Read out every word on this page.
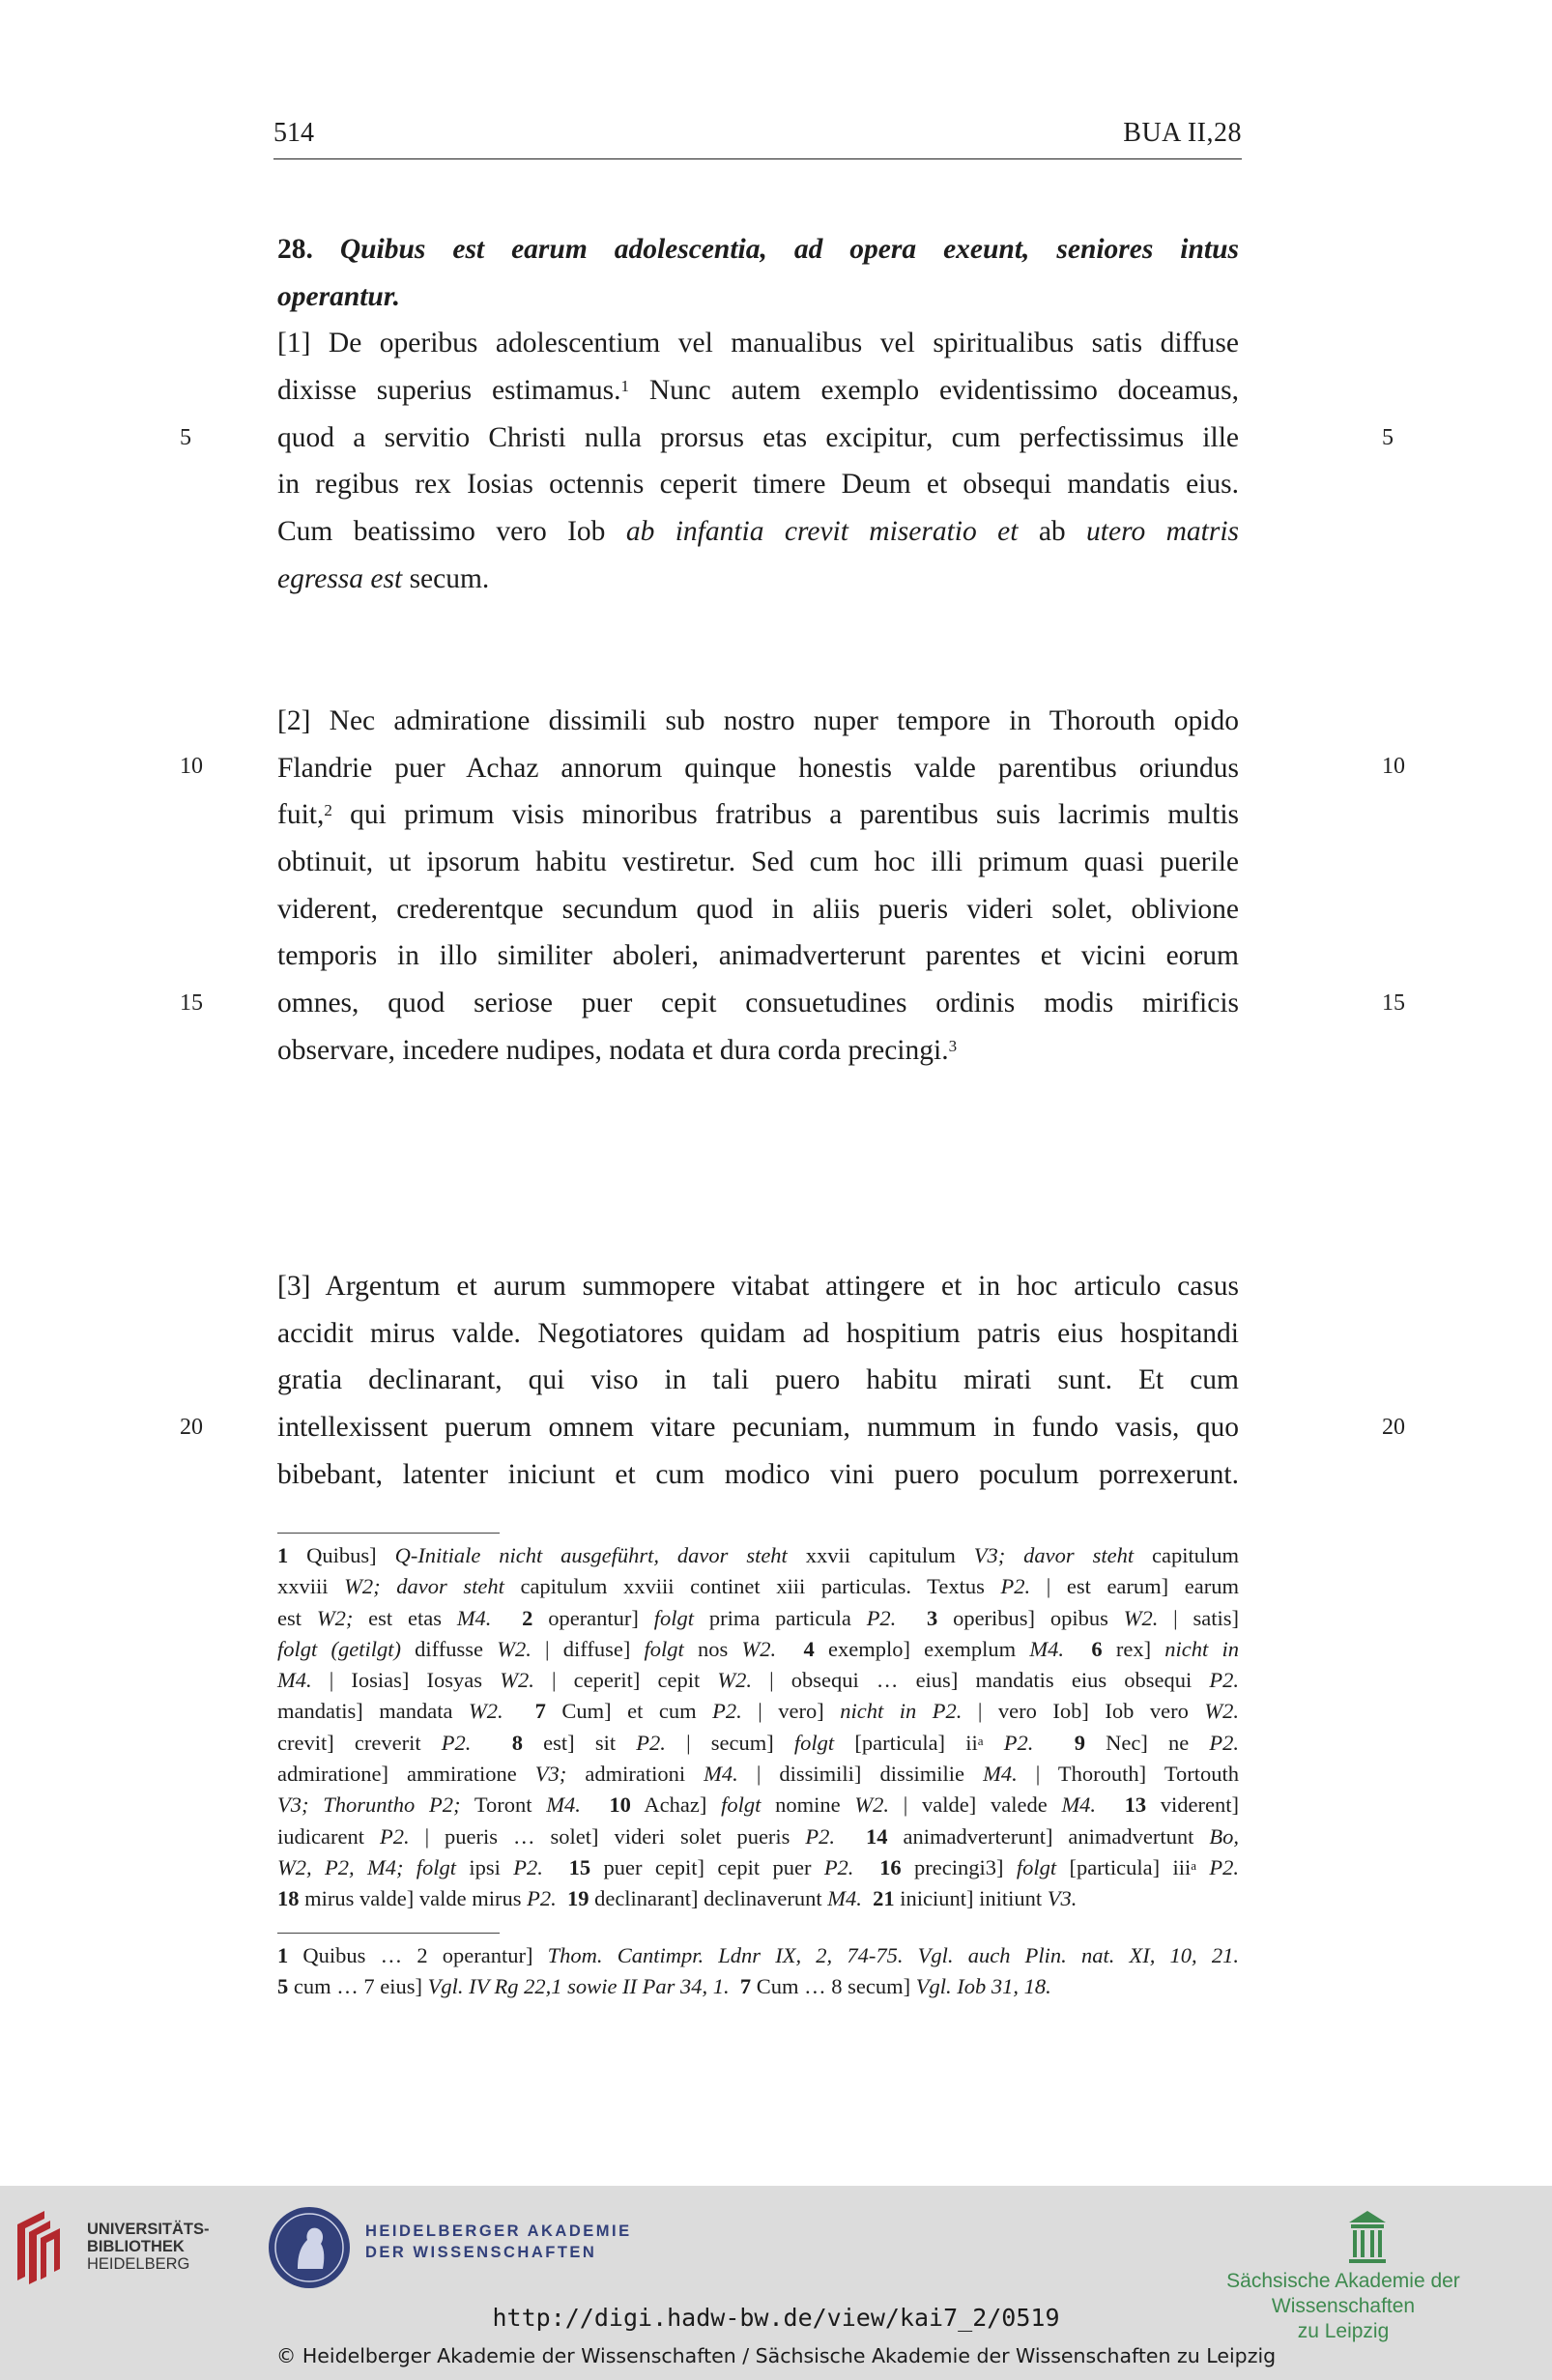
514	BUA II,28
28. Quibus est earum adolescentia, ad opera exeunt, seniores intus
operantur.
[1] De operibus adolescentium vel manualibus vel spiritualibus satis diffuse
dixisse superius estimamus.$^1$ Nunc autem exemplo evidentissimo doceamus,
quod a servitio Christi nulla prorsus etas excipitur, cum perfectissimus ille
in regibus rex Iosias octennis ceperit timere Deum et obsequi mandatis eius.
Cum beatissimo vero Iob ab infantia crevit miseratio et ab utero matris
egressa est secum.
[2] Nec admiratione dissimili sub nostro nuper tempore in Thorouth opido
Flandrie puer Achaz annorum quinque honestis valde parentibus oriundus
fuit,$^2$ qui primum visis minoribus fratribus a parentibus suis lacrimis multis
obtinuit, ut ipsorum habitu vestiretur. Sed cum hoc illi primum quasi puerile
viderent, crederentque secundum quod in aliis pueris videri solet, oblivione
temporis in illo similiter aboleri, animadverterunt parentes et vicini eorum
omnes, quod seriose puer cepit consuetudines ordinis modis mirificis
observare, incedere nudipes, nodata et dura corda precingi.$^3$
[3] Argentum et aurum summopere vitabat attingere et in hoc articulo casus
accidit mirus valde. Negotiatores quidam ad hospitium patris eius hospitandi
gratia declinarant, qui viso in tali puero habitu mirati sunt. Et cum
intellexissent puerum omnem vitare pecuniam, nummum in fundo vasis, quo
bibebant, latenter iniciunt et cum modico vini puero poculum porrexerunt.
5	5
10	10
15	15
20	20
1 Quibus] Q-Initiale nicht ausgeführt, davor steht xxvii capitulum V3; davor steht capitulum
xxviii W2; davor steht capitulum xxviii continet xiii particulas. Textus P2. | est earum] earum
est W2; est etas M4. 2 operantur] folgt prima particula P2. 3 operibus] opibus W2. | satis]
folgt (getilgt) diffusse W2. | diffuse] folgt nos W2. 4 exemplo] exemplum M4. 6 rex] nicht in
M4. | Iosias] Iosyas W2. | ceperit] cepit W2. | obsequi … eius] mandatis eius obsequi P2.
mandatis] mandata W2. 7 Cum] et cum P2. | vero] nicht in P2. | vero Iob] Iob vero W2.
crevit] creverit P2. 8 est] sit P2. | secum] folgt [particula] $ii^a$ P2. 9 Nec] ne P2.
admiratione] ammiratione V3; admirationi M4. | dissimili] dissimilie M4. | Thorouth] Tortouth
V3; Thoruntho P2; Toront M4. 10 Achaz] folgt nomine W2. | valde] valede M4. 13 viderent]
iudicarent P2. | pueris … solet] videri solet pueris P2. 14 animadverterunt] animadvertunt Bo,
W2, P2, M4; folgt ipsi P2. 15 puer cepit] cepit puer P2. 16 precingi3] folgt [particula] iii$^a$ P2.
18 mirus valde] valde mirus P2. 19 declinarant] declinaverunt M4. 21 iniciunt] initiunt V3.
1 Quibus … 2 operantur] Thom. Cantimpr. Ldnr IX, 2, 74-75. Vgl. auch Plin. nat. XI, 10, 21.
5 cum … 7 eius] Vgl. IV Rg 22,1 sowie II Par 34, 1. 7 Cum … 8 secum] Vgl. Iob 31, 18.
UNIVERSITÄTS-
BIBLIOTHEK
HEIDELBERG
HEIDELBERGER AKADEMIE
DER WISSENSCHAFTEN
Sächsische Akademie der Wissenschaften
zu Leipzig
http://digi.hadw-bw.de/view/kai7_2/0519
© Heidelberger Akademie der Wissenschaften / Sächsische Akademie der Wissenschaften zu Leipzig
